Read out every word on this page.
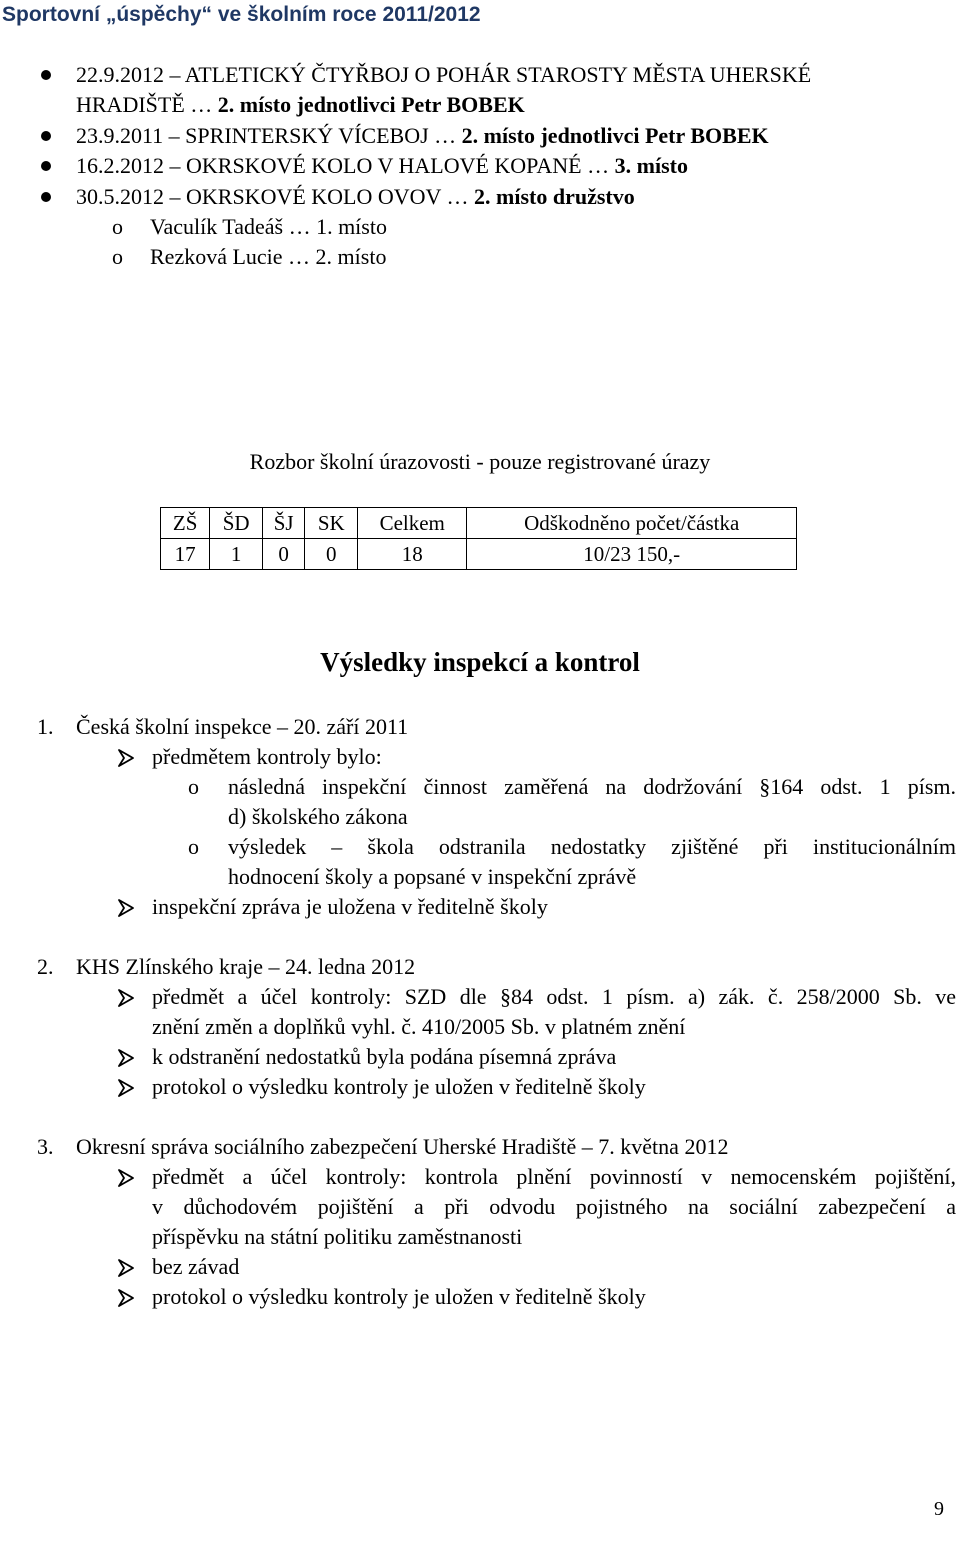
Sportovní „úspěchy“ ve školním roce 2011/2012
22.9.2012 – ATLETICKÝ ČTYŘBOJ O POHÁR STAROSTY MĚSTA UHERSKÉ
HRADIŠTĚ … 2. místo jednotlivci Petr BOBEK
23.9.2011 – SPRINTERSKÝ VÍCEBOJ … 2. místo jednotlivci Petr BOBEK
16.2.2012 – OKRSKOVÉ KOLO V HALOVÉ KOPANÉ … 3. místo
30.5.2012 – OKRSKOVÉ KOLO OVOV … 2. místo družstvo
o Vaculík Tadeáš … 1. místo
o Rezková Lucie … 2. místo
Rozbor školní úrazovosti - pouze registrované úrazy
ZŠ	ŠD	ŠJ	SK	Celkem	Odškodněno počet/částka
17	1	0	0	18	10/23 150,-
Výsledky inspekcí a kontrol
1. Česká školní inspekce – 20. září 2011
předmětem kontroly bylo:
o následná inspekční činnost zaměřená na dodržování §164 odst. 1 písm.
d) školského zákona
o výsledek – škola odstranila nedostatky zjištěné při institucionálním
hodnocení školy a popsané v inspekční zprávě
inspekční zpráva je uložena v ředitelně školy
2. KHS Zlínského kraje – 24. ledna 2012
předmět a účel kontroly: SZD dle §84 odst. 1 písm. a) zák. č. 258/2000 Sb. ve
znění změn a doplňků vyhl. č. 410/2005 Sb. v platném znění
k odstranění nedostatků byla podána písemná zpráva
protokol o výsledku kontroly je uložen v ředitelně školy
3. Okresní správa sociálního zabezpečení Uherské Hradiště – 7. května 2012
předmět a účel kontroly: kontrola plnění povinností v nemocenském pojištění,
v důchodovém pojištění a při odvodu pojistného na sociální zabezpečení a
příspěvku na státní politiku zaměstnanosti
bez závad
protokol o výsledku kontroly je uložen v ředitelně školy
9
